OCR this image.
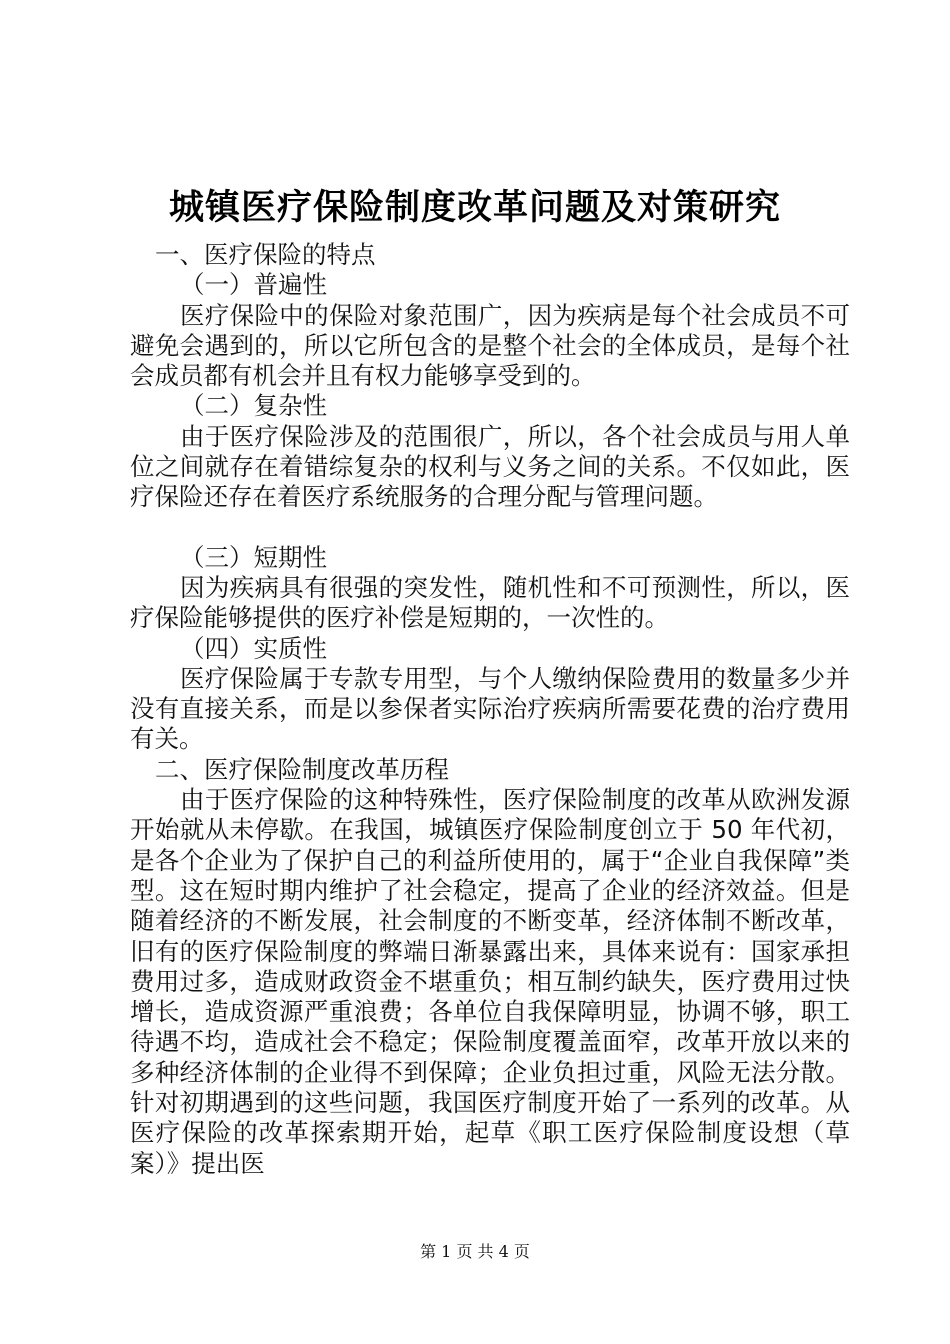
城镇医疗保险制度改革问题及对策研究

一、医疗保险的特点

（一）普遍性

医疗保险中的保险对象范围广，因为疾病是每个社会成员不可避免会遇到的，所以它所包含的是整个社会的全体成员，是每个社会成员都有机会并且有权力能够享受到的。

（二）复杂性

由于医疗保险涉及的范围很广，所以，各个社会成员与用人单位之间就存在着错综复杂的权利与义务之间的关系。不仅如此，医疗保险还存在着医疗系统服务的合理分配与管理问题。

（三）短期性

因为疾病具有很强的突发性，随机性和不可预测性，所以，医疗保险能够提供的医疗补偿是短期的，一次性的。

（四）实质性

医疗保险属于专款专用型，与个人缴纳保险费用的数量多少并没有直接关系，而是以参保者实际治疗疾病所需要花费的治疗费用有关。

二、医疗保险制度改革历程

由于医疗保险的这种特殊性，医疗保险制度的改革从欧洲发源开始就从未停歇。在我国，城镇医疗保险制度创立于 50 年代初，是各个企业为了保护自己的利益所使用的，属于“企业自我保障”类型。这在短时期内维护了社会稳定，提高了企业的经济效益。但是随着经济的不断发展，社会制度的不断变革，经济体制不断改革，旧有的医疗保险制度的弊端日渐暴露出来，具体来说有：国家承担费用过多，造成财政资金不堪重负；相互制约缺失，医疗费用过快增长，造成资源严重浪费；各单位自我保障明显，协调不够，职工待遇不均，造成社会不稳定；保险制度覆盖面窄，改革开放以来的多种经济体制的企业得不到保障；企业负担过重，风险无法分散。针对初期遇到的这些问题，我国医疗制度开始了一系列的改革。从医疗保险的改革探索期开始，起草《职工医疗保险制度设想（草案）》提出医

第 1 页 共 4 页
